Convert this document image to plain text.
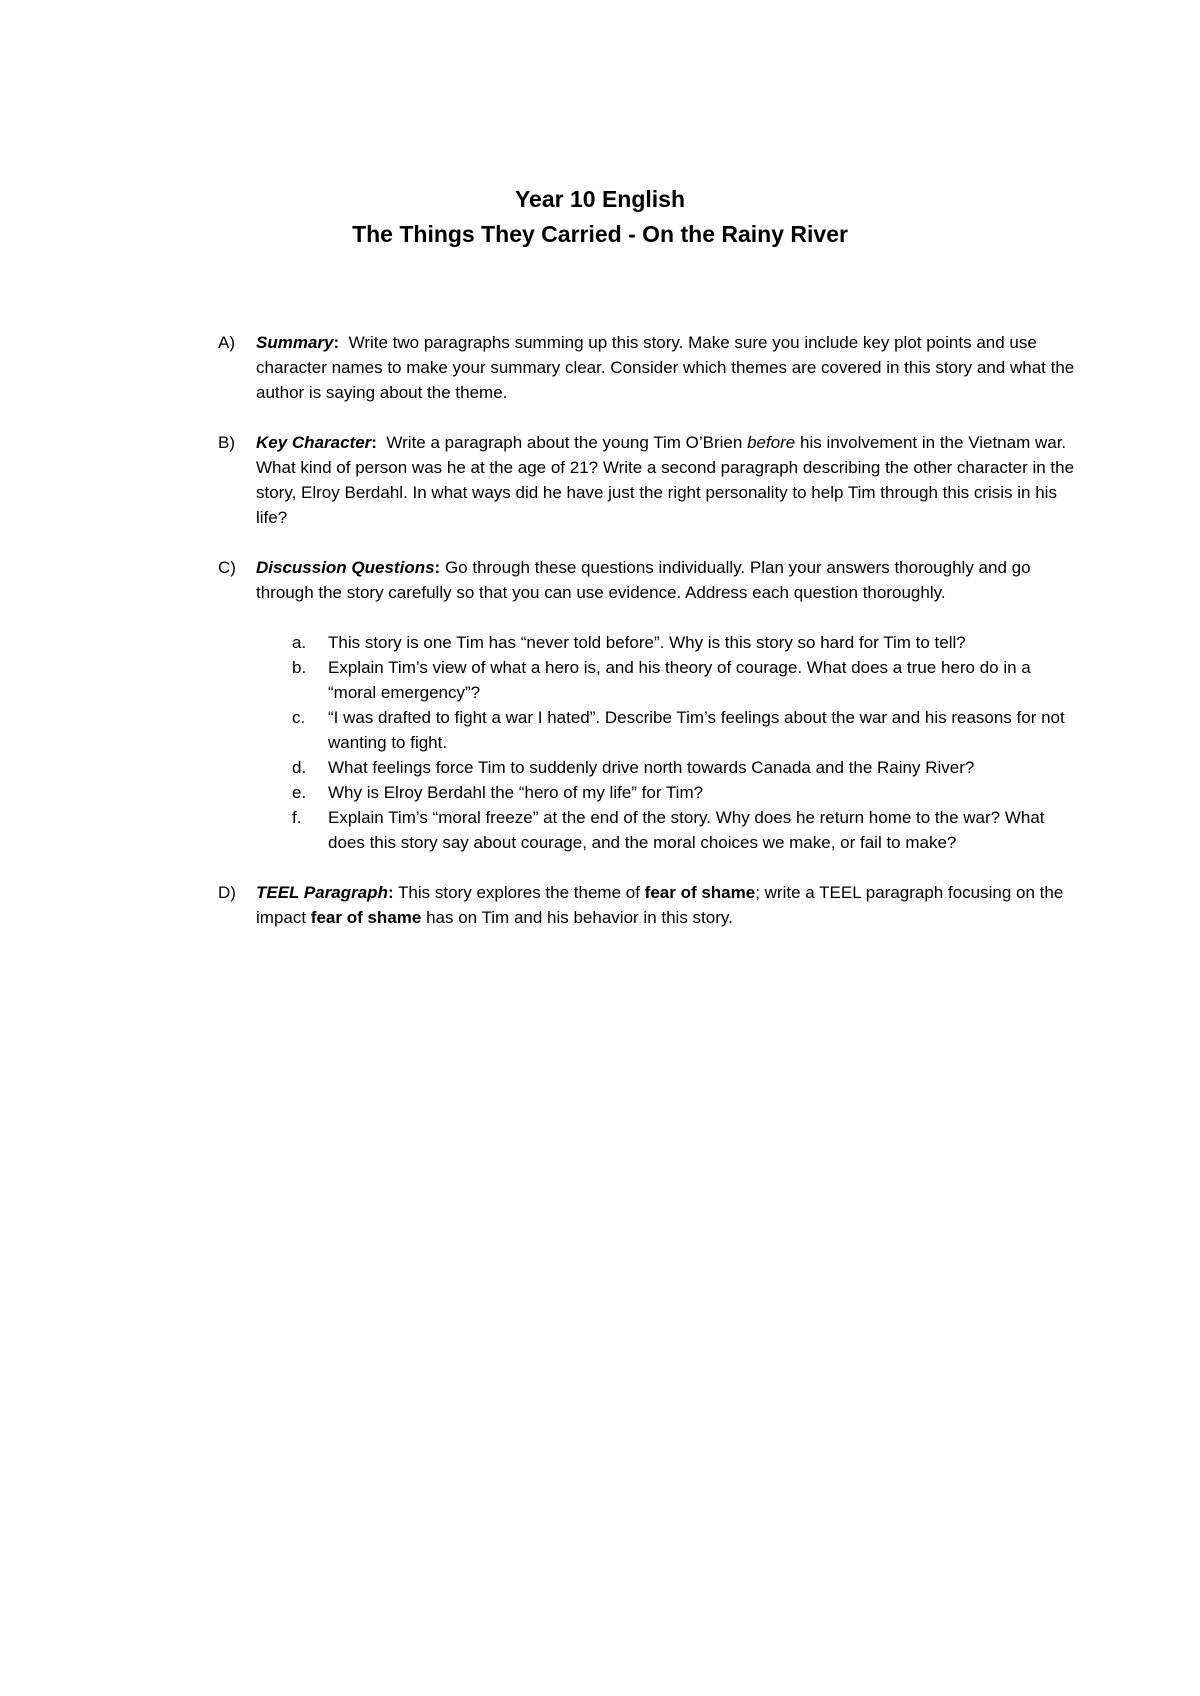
Year 10 English
The Things They Carried - On the Rainy River
A) Summary:  Write two paragraphs summing up this story. Make sure you include key plot points and use character names to make your summary clear. Consider which themes are covered in this story and what the author is saying about the theme.
B) Key Character:  Write a paragraph about the young Tim O’Brien before his involvement in the Vietnam war. What kind of person was he at the age of 21? Write a second paragraph describing the other character in the story, Elroy Berdahl. In what ways did he have just the right personality to help Tim through this crisis in his life?
C) Discussion Questions: Go through these questions individually. Plan your answers thoroughly and go through the story carefully so that you can use evidence. Address each question thoroughly.
a. This story is one Tim has “never told before”. Why is this story so hard for Tim to tell?
b. Explain Tim’s view of what a hero is, and his theory of courage. What does a true hero do in a “moral emergency”?
c. “I was drafted to fight a war I hated”. Describe Tim’s feelings about the war and his reasons for not wanting to fight.
d. What feelings force Tim to suddenly drive north towards Canada and the Rainy River?
e. Why is Elroy Berdahl the “hero of my life” for Tim?
f. Explain Tim’s “moral freeze” at the end of the story. Why does he return home to the war? What does this story say about courage, and the moral choices we make, or fail to make?
D) TEEL Paragraph: This story explores the theme of fear of shame; write a TEEL paragraph focusing on the impact fear of shame has on Tim and his behavior in this story.
